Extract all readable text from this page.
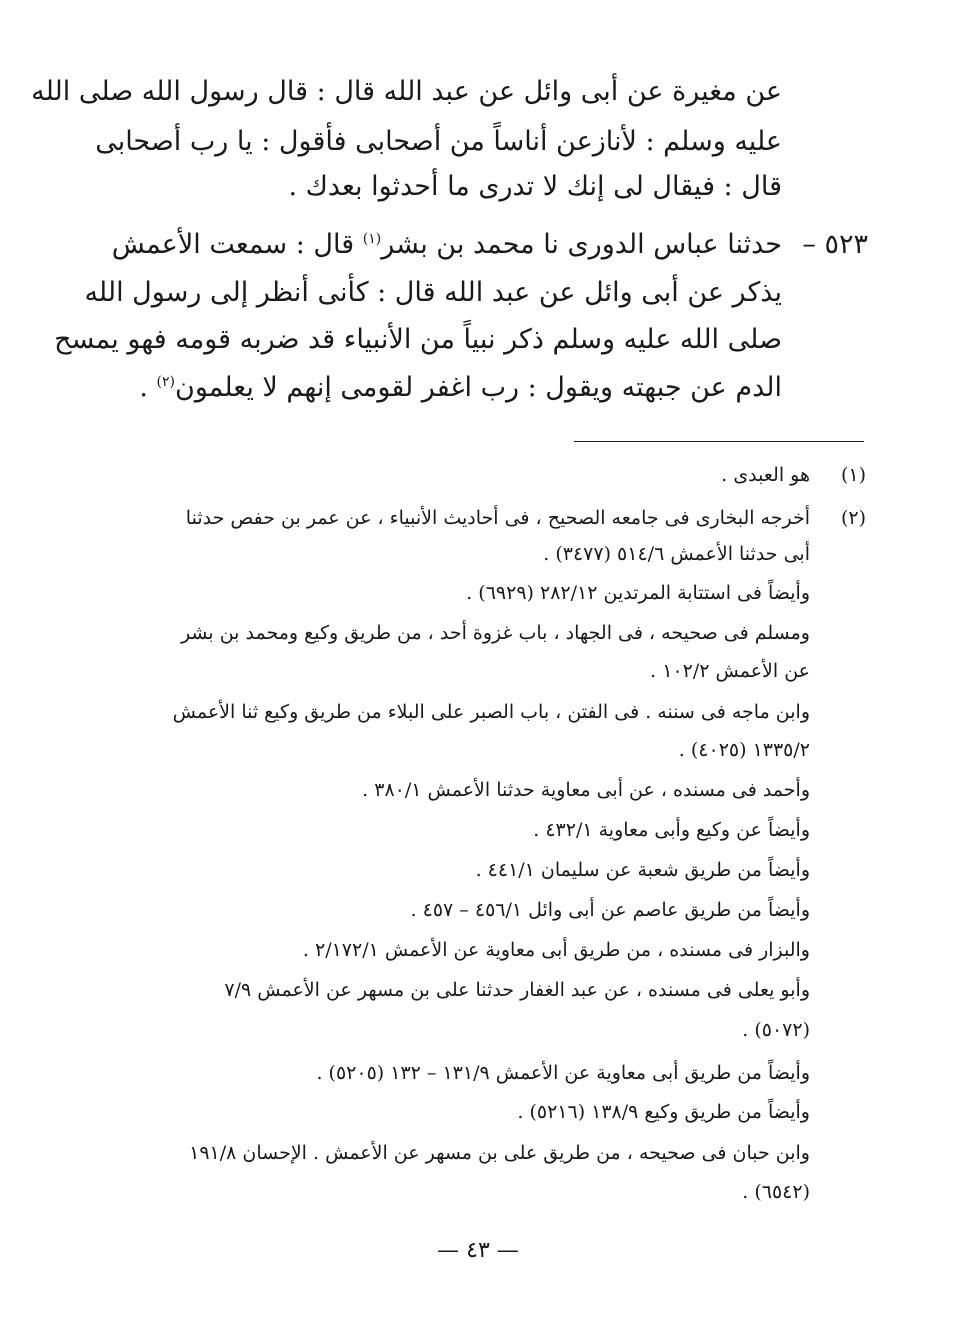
عن مغيرة عن أبى وائل عن عبد الله قال : قال رسول الله صلى الله
عليه وسلم : لأنازعن أناساً من أصحابى فأقول : يا رب أصحابى
قال : فيقال لى إنك لا تدرى ما أحدثوا بعدك .
٥٢٣ –
حدثنا عباس الدورى نا محمد بن بشر$^{(١)}$ قال : سمعت الأعمش
يذكر عن أبى وائل عن عبد الله قال : كأنى أنظر إلى رسول الله
صلى الله عليه وسلم ذكر نبياً من الأنبياء قد ضربه قومه فهو يمسح
الدم عن جبهته ويقول : رب اغفر لقومى إنهم لا يعلمون$^{(٢)}$ .
(١)
هو العبدى .
(٢)
أخرجه البخارى فى جامعه الصحيح ، فى أحاديث الأنبياء ، عن عمر بن حفص حدثنا
أبى حدثنا الأعمش ٥١٤/٦ (٣٤٧٧) .
وأيضاً فى استتابة المرتدين ٢٨٢/١٢ (٦٩٢٩) .
ومسلم فى صحيحه ، فى الجهاد ، باب غزوة أحد ، من طريق وكيع ومحمد بن بشر
عن الأعمش ١٠٢/٢ .
وابن ماجه فى سننه . فى الفتن ، باب الصبر على البلاء من طريق وكيع ثنا الأعمش
١٣٣٥/٢ (٤٠٢٥) .
وأحمد فى مسنده ، عن أبى معاوية حدثنا الأعمش ٣٨٠/١ .
وأيضاً عن وكيع وأبى معاوية ٤٣٢/١ .
وأيضاً من طريق شعبة عن سليمان ٤٤١/١ .
وأيضاً من طريق عاصم عن أبى وائل ٤٥٦/١ – ٤٥٧ .
والبزار فى مسنده ، من طريق أبى معاوية عن الأعمش ٢/١٧٢/١ .
وأبو يعلى فى مسنده ، عن عبد الغفار حدثنا على بن مسهر عن الأعمش ٧/٩
(٥٠٧٢) .
وأيضاً من طريق أبى معاوية عن الأعمش ١٣١/٩ – ١٣٢ (٥٢٠٥) .
وأيضاً من طريق وكيع ١٣٨/٩ (٥٢١٦) .
وابن حبان فى صحيحه ، من طريق على بن مسهر عن الأعمش . الإحسان ١٩١/٨
(٦٥٤٢) .
— ٤٣ —
